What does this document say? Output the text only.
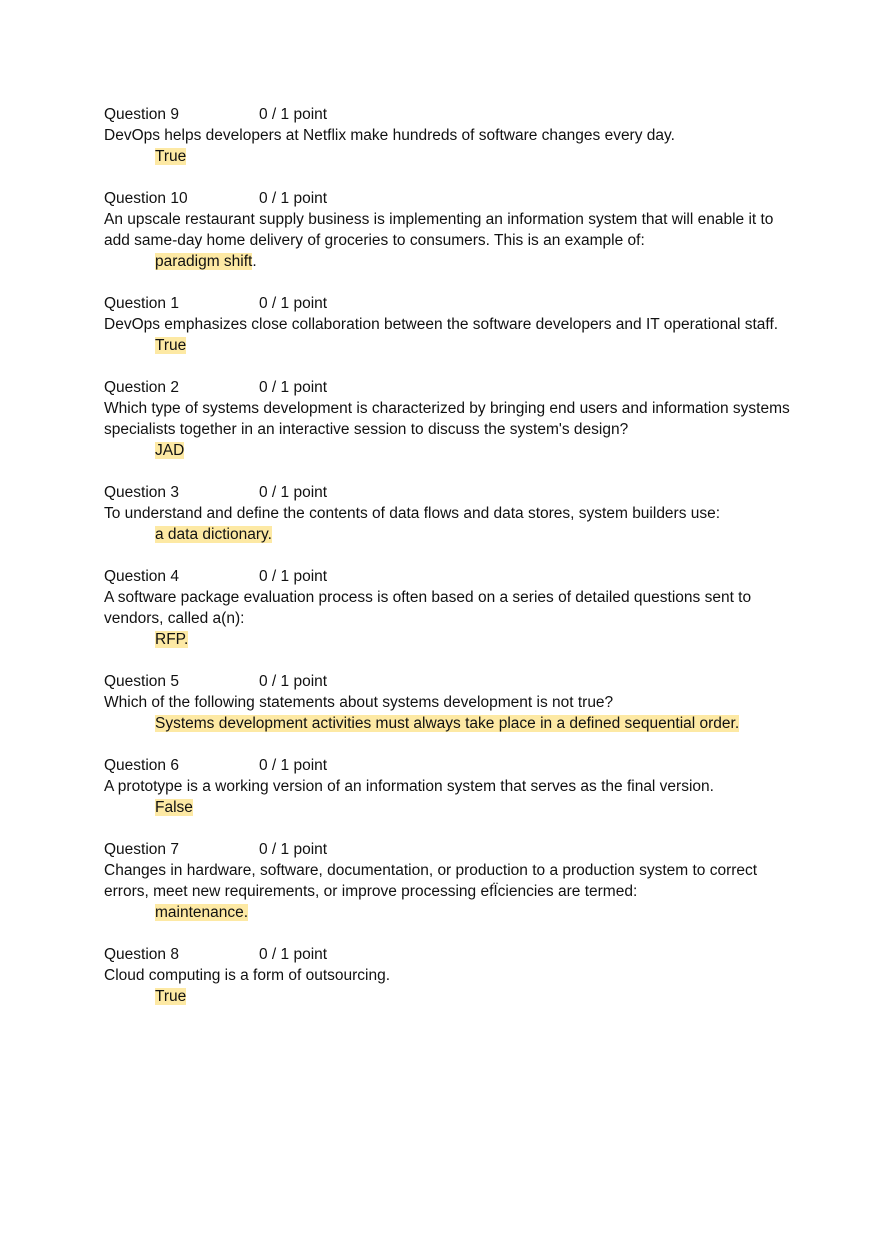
Question 9	0 / 1 point

DevOps helps developers at Netflix make hundreds of software changes every day.

True
Question 10	0 / 1 point

An upscale restaurant supply business is implementing an information system that will enable it to add same-day home delivery of groceries to consumers. This is an example of:

paradigm shift.
Question 1	0 / 1 point

DevOps emphasizes close collaboration between the software developers and IT operational staff.

True
Question 2	0 / 1 point

Which type of systems development is characterized by bringing end users and information systems specialists together in an interactive session to discuss the system's design?

JAD
Question 3	0 / 1 point

To understand and define the contents of data flows and data stores, system builders use:

a data dictionary.
Question 4	0 / 1 point

A software package evaluation process is often based on a series of detailed questions sent to vendors, called a(n):

RFP.
Question 5	0 / 1 point

Which of the following statements about systems development is not true?

Systems development activities must always take place in a defined sequential order.
Question 6	0 / 1 point

A prototype is a working version of an information system that serves as the final version.

False
Question 7	0 / 1 point

Changes in hardware, software, documentation, or production to a production system to correct errors, meet new requirements, or improve processing efÏciencies are termed:

maintenance.
Question 8	0 / 1 point

Cloud computing is a form of outsourcing.

True
